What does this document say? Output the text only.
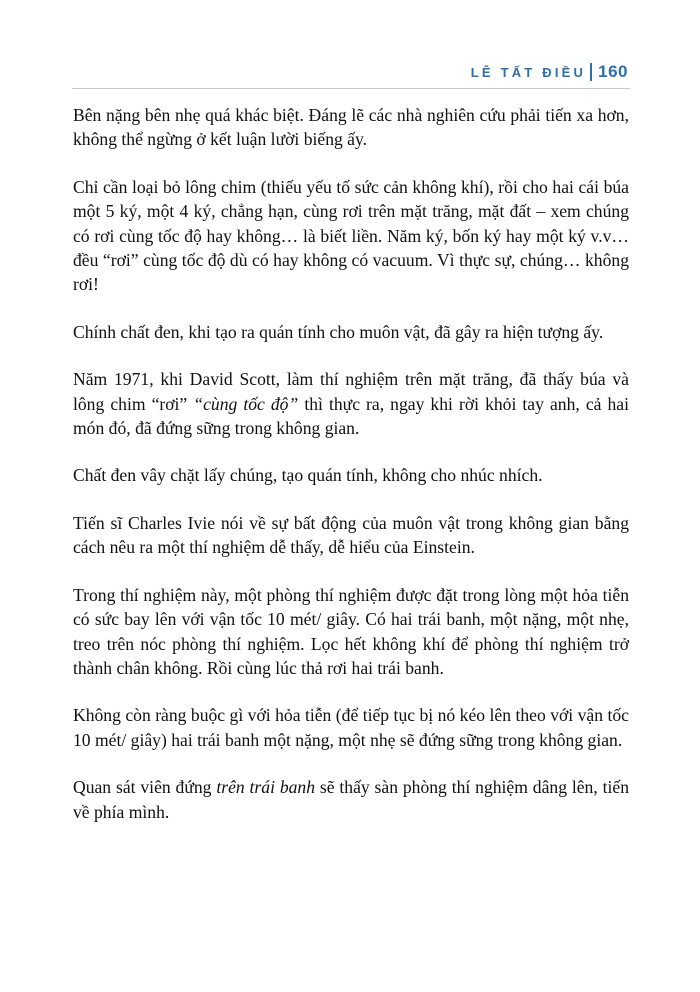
LÊ TẤT ĐIỀU 160

Bên nặng bên nhẹ quá khác biệt. Đáng lẽ các nhà nghiên cứu phải tiến xa hơn, không thể ngừng ở kết luận lười biếng ấy.

Chỉ cần loại bỏ lông chim (thiếu yếu tố sức cản không khí), rồi cho hai cái búa một 5 ký, một 4 ký, chẳng hạn, cùng rơi trên mặt trăng, mặt đất – xem chúng có rơi cùng tốc độ hay không… là biết liền. Năm ký, bốn ký hay một ký v.v… đều “rơi” cùng tốc độ dù có hay không có vacuum. Vì thực sự, chúng… không rơi!

Chính chất đen, khi tạo ra quán tính cho muôn vật, đã gây ra hiện tượng ấy.

Năm 1971, khi David Scott, làm thí nghiệm trên mặt trăng, đã thấy búa và lông chim “rơi” “cùng tốc độ” thì thực ra, ngay khi rời khỏi tay anh, cả hai món đó, đã đứng sững trong không gian.

Chất đen vây chặt lấy chúng, tạo quán tính, không cho nhúc nhích.

Tiến sĩ Charles Ivie nói về sự bất động của muôn vật trong không gian bằng cách nêu ra một thí nghiệm dễ thấy, dễ hiểu của Einstein.

Trong thí nghiệm này, một phòng thí nghiệm được đặt trong lòng một hỏa tiễn có sức bay lên với vận tốc 10 mét/ giây. Có hai trái banh, một nặng, một nhẹ, treo trên nóc phòng thí nghiệm. Lọc hết không khí để phòng thí nghiệm trở thành chân không. Rồi cùng lúc thả rơi hai trái banh.

Không còn ràng buộc gì với hỏa tiễn (để tiếp tục bị nó kéo lên theo với vận tốc 10 mét/ giây) hai trái banh một nặng, một nhẹ sẽ đứng sững trong không gian.

Quan sát viên đứng trên trái banh sẽ thấy sàn phòng thí nghiệm dâng lên, tiến về phía mình.
